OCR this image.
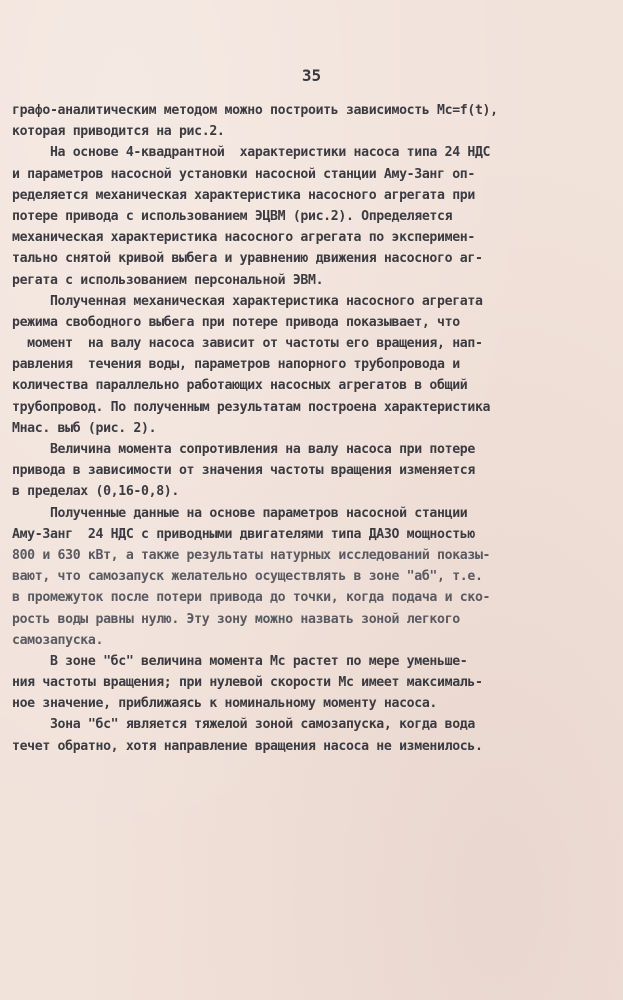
35
графо-аналитическим методом можно построить зависимость Mс=f(t),
которая приводится на рис.2.
На основе 4-квадрантной  характеристики насоса типа 24 НДС
и параметров насосной установки насосной станции Аму-Занг оп-
ределяется механическая характеристика насосного агрегата при
потере привода с использованием ЭЦВМ (рис.2). Определяется
механическая характеристика насосного агрегата по эксперимен-
тально снятой кривой выбега и уравнению движения насосного аг-
регата с использованием персональной ЭВМ.
Полученная механическая характеристика насосного агрегата
режима свободного выбега при потере привода показывает, что
момент  на валу насоса зависит от частоты его вращения, нап-
равления  течения воды, параметров напорного трубопровода и
количества параллельно работающих насосных агрегатов в общий
трубопровод. По полученным результатам построена характеристика
Mнас. выб (рис. 2).
Величина момента сопротивления на валу насоса при потере
привода в зависимости от значения частоты вращения изменяется
в пределах (0,16-0,8).
Полученные данные на основе параметров насосной станции
Аму-Занг  24 НДС с приводными двигателями типа ДАЗО мощностью
800 и 630 кВт, а также результаты натурных исследований показы-
вают, что самозапуск желательно осуществлять в зоне "аб", т.е.
в промежуток после потери привода до точки, когда подача и ско-
рость воды равны нулю. Эту зону можно назвать зоной легкого
самозапуска.
В зоне "бс" величина момента Mс растет по мере уменьше-
ния частоты вращения; при нулевой скорости Mс имеет максималь-
ное значение, приближаясь к номинальному моменту насоса.
Зона "бс" является тяжелой зоной самозапуска, когда вода
течет обратно, хотя направление вращения насоса не изменилось.
